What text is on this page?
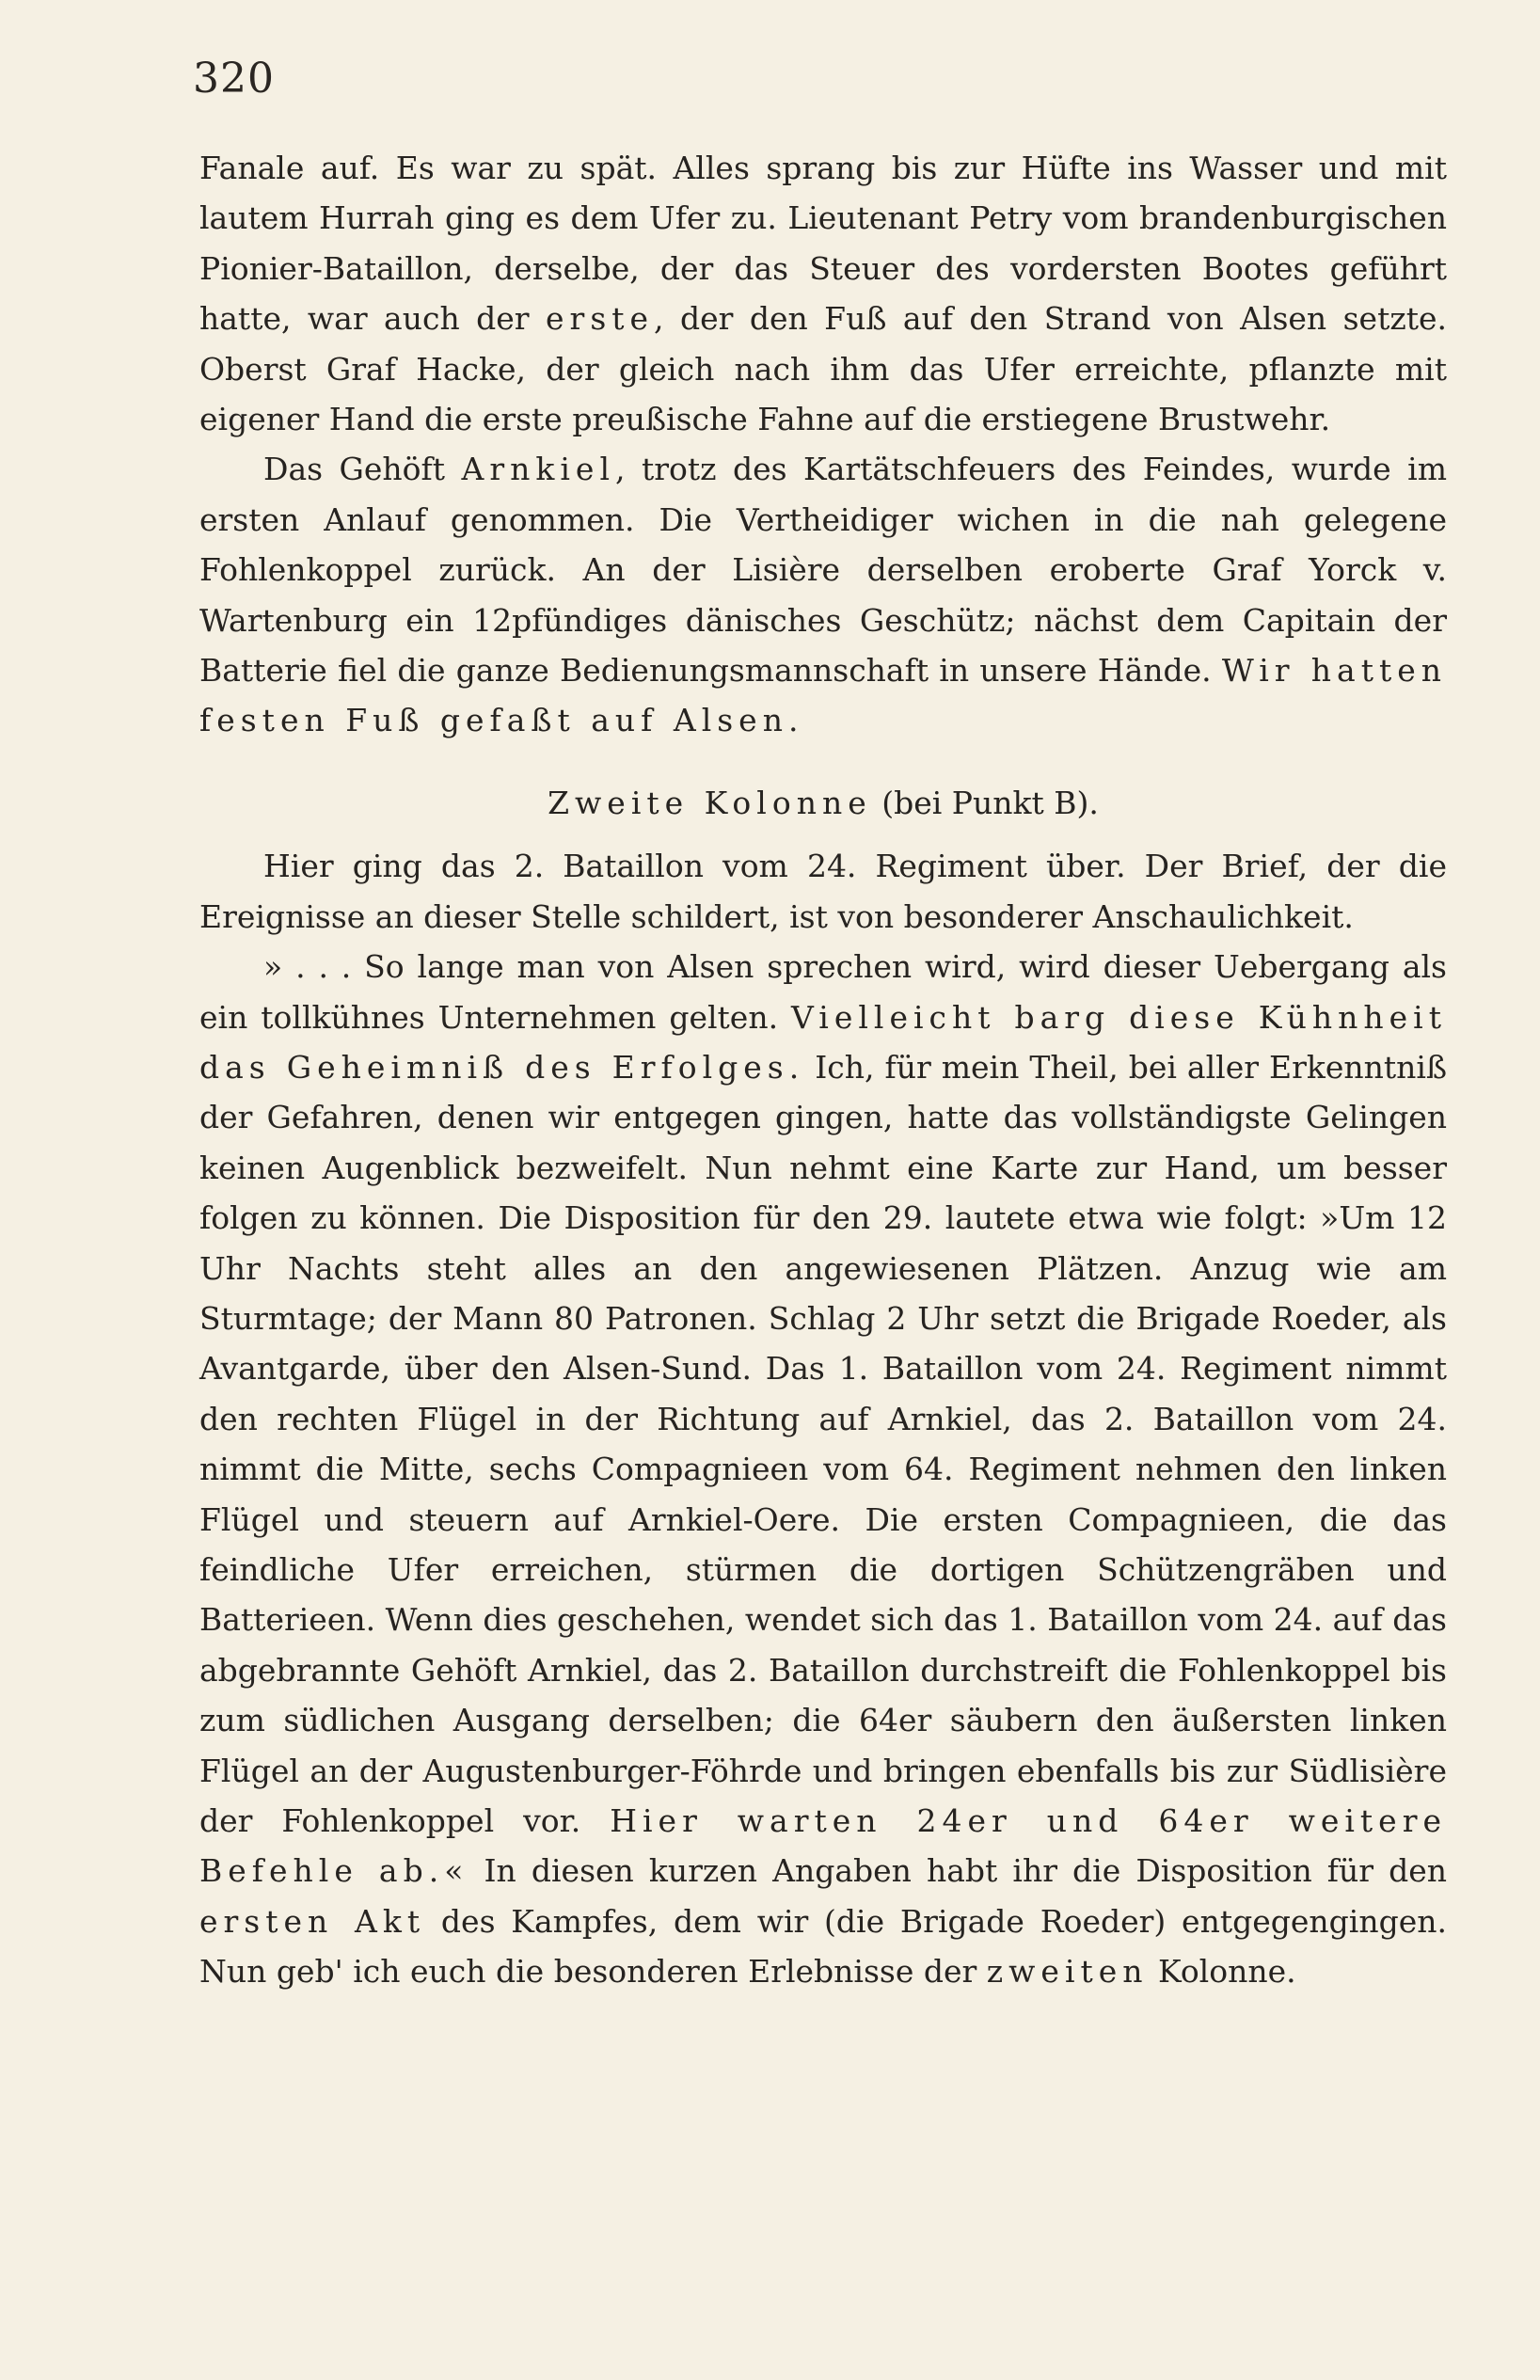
320

Fanale auf. Es war zu spät. Alles sprang bis zur Hüfte ins Wasser und mit lautem Hurrah ging es dem Ufer zu. Lieutenant Petry vom brandenburgischen Pionier-Bataillon, derselbe, der das Steuer des vordersten Bootes geführt hatte, war auch der erste, der den Fuß auf den Strand von Alsen setzte. Oberst Graf Hacke, der gleich nach ihm das Ufer erreichte, pflanzte mit eigener Hand die erste preußische Fahne auf die erstiegene Brustwehr.

Das Gehöft Arnkiel, trotz des Kartätschfeuers des Feindes, wurde im ersten Anlauf genommen. Die Vertheidiger wichen in die nah gelegene Fohlenkoppel zurück. An der Lisière derselben eroberte Graf Yorck v. Wartenburg ein 12pfündiges dänisches Geschütz; nächst dem Capitain der Batterie fiel die ganze Bedienungsmannschaft in unsere Hände. Wir hatten festen Fuß gefaßt auf Alsen.

Zweite Kolonne (bei Punkt B).

Hier ging das 2. Bataillon vom 24. Regiment über. Der Brief, der die Ereignisse an dieser Stelle schildert, ist von besonderer Anschaulichkeit.

» . . . So lange man von Alsen sprechen wird, wird dieser Uebergang als ein tollkühnes Unternehmen gelten. Vielleicht barg diese Kühnheit das Geheimniß des Erfolges. Ich, für mein Theil, bei aller Erkenntniß der Gefahren, denen wir entgegen gingen, hatte das vollständigste Gelingen keinen Augenblick bezweifelt. Nun nehmt eine Karte zur Hand, um besser folgen zu können. Die Disposition für den 29. lautete etwa wie folgt: »Um 12 Uhr Nachts steht alles an den angewiesenen Plätzen. Anzug wie am Sturmtage; der Mann 80 Patronen. Schlag 2 Uhr setzt die Brigade Roeder, als Avantgarde, über den Alsen-Sund. Das 1. Bataillon vom 24. Regiment nimmt den rechten Flügel in der Richtung auf Arnkiel, das 2. Bataillon vom 24. nimmt die Mitte, sechs Compagnieen vom 64. Regiment nehmen den linken Flügel und steuern auf Arnkiel-Oere. Die ersten Compagnieen, die das feindliche Ufer erreichen, stürmen die dortigen Schützengräben und Batterieen. Wenn dies geschehen, wendet sich das 1. Bataillon vom 24. auf das abgebrannte Gehöft Arnkiel, das 2. Bataillon durchstreift die Fohlenkoppel bis zum südlichen Ausgang derselben; die 64er säubern den äußersten linken Flügel an der Augustenburger-Föhrde und bringen ebenfalls bis zur Südlisière der Fohlenkoppel vor. Hier warten 24er und 64er weitere Befehle ab.« In diesen kurzen Angaben habt ihr die Disposition für den ersten Akt des Kampfes, dem wir (die Brigade Roeder) entgegengingen. Nun geb' ich euch die besonderen Erlebnisse der zweiten Kolonne.
